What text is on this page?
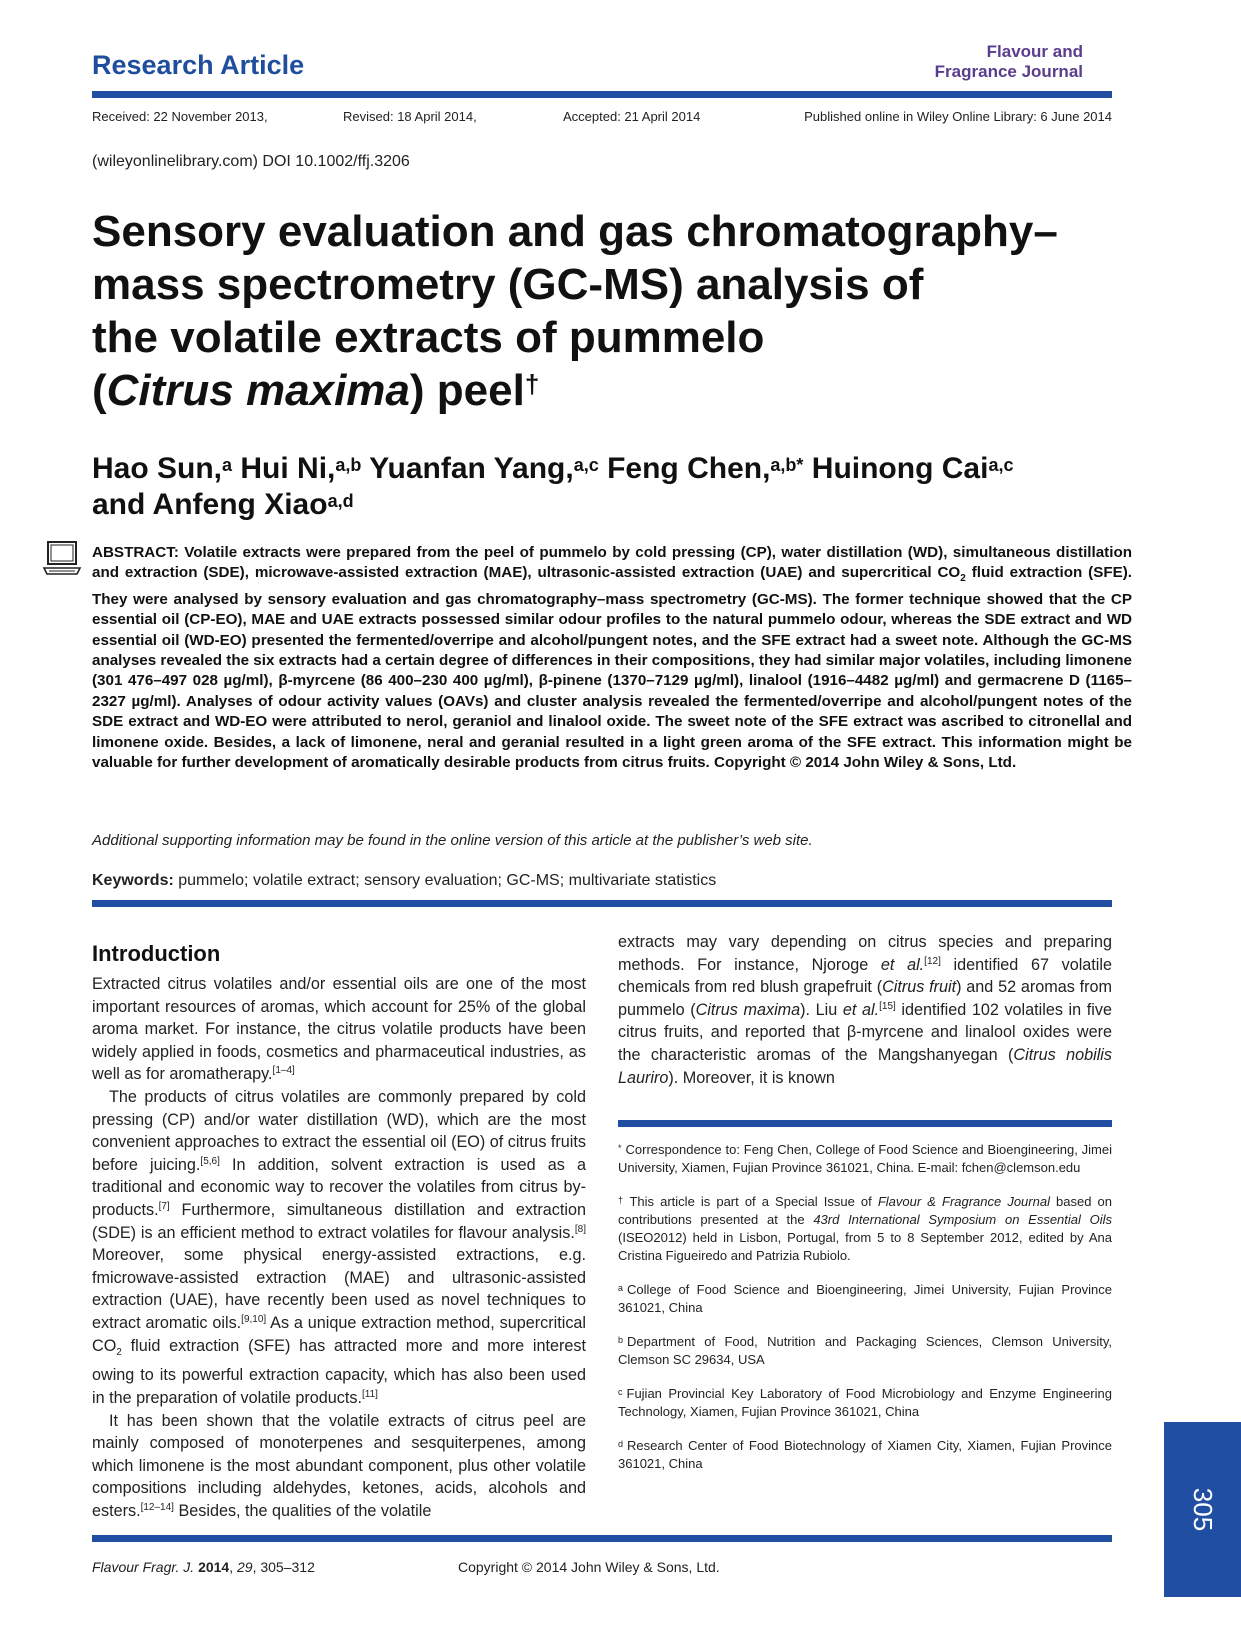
Research Article	Flavour and
Fragrance Journal
Received: 22 November 2013,	Revised: 18 April 2014,	Accepted: 21 April 2014	Published online in Wiley Online Library: 6 June 2014
(wileyonlinelibrary.com) DOI 10.1002/ffj.3206
Sensory evaluation and gas chromatography–
mass spectrometry (GC-MS) analysis of
the volatile extracts of pummelo
(Citrus maxima) peel†
Hao Sun,$^a$ Hui Ni,$^{a,b}$ Yuanfan Yang,$^{a,c}$ Feng Chen,$^{a,b*}$ Huinong Cai$^{a,c}$
and Anfeng Xiao$^{a,d}$
ABSTRACT: Volatile extracts were prepared from the peel of pummelo by cold pressing (CP), water distillation (WD), simultaneous distillation and extraction (SDE), microwave-assisted extraction (MAE), ultrasonic-assisted extraction (UAE) and supercritical $CO_2$ fluid extraction (SFE). They were analysed by sensory evaluation and gas chromatography–mass spectrometry (GC-MS). The former technique showed that the CP essential oil (CP-EO), MAE and UAE extracts possessed similar odour profiles to the natural pummelo odour, whereas the SDE extract and WD essential oil (WD-EO) presented the fermented/overripe and alcohol/pungent notes, and the SFE extract had a sweet note. Although the GC-MS analyses revealed the six extracts had a certain degree of differences in their compositions, they had similar major volatiles, including limonene (301 476–497 028 µg/ml), β-myrcene (86 400–230 400 µg/ml), β-pinene (1370–7129 µg/ml), linalool (1916–4482 µg/ml) and germacrene D (1165–2327 µg/ml). Analyses of odour activity values (OAVs) and cluster analysis revealed the fermented/overripe and alcohol/pungent notes of the SDE extract and WD-EO were attributed to nerol, geraniol and linalool oxide. The sweet note of the SFE extract was ascribed to citronellal and limonene oxide. Besides, a lack of limonene, neral and geranial resulted in a light green aroma of the SFE extract. This information might be valuable for further development of aromatically desirable products from citrus fruits. Copyright © 2014 John Wiley & Sons, Ltd.
Additional supporting information may be found in the online version of this article at the publisher’s web site.
Keywords: pummelo; volatile extract; sensory evaluation; GC-MS; multivariate statistics
Introduction

Extracted citrus volatiles and/or essential oils are one of the most important resources of aromas, which account for 25% of the global aroma market. For instance, the citrus volatile products have been widely applied in foods, cosmetics and pharmaceutical industries, as well as for aromatherapy.[1–4]

The products of citrus volatiles are commonly prepared by cold pressing (CP) and/or water distillation (WD), which are the most convenient approaches to extract the essential oil (EO) of citrus fruits before juicing.[5,6] In addition, solvent extraction is used as a traditional and economic way to recover the volatiles from citrus by-products.[7] Furthermore, simultaneous distillation and extraction (SDE) is an efficient method to extract volatiles for flavour analysis.[8] Moreover, some physical energy-assisted extractions, e.g. fmicrowave-assisted extraction (MAE) and ultrasonic-assisted extraction (UAE), have recently been used as novel techniques to extract aromatic oils.[9,10] As a unique extraction method, supercritical $CO_2$ fluid extraction (SFE) has attracted more and more interest owing to its powerful extraction capacity, which has also been used in the preparation of volatile products.[11]

It has been shown that the volatile extracts of citrus peel are mainly composed of monoterpenes and sesquiterpenes, among which limonene is the most abundant component, plus other volatile compositions including aldehydes, ketones, acids, alcohols and esters.[12–14] Besides, the qualities of the volatile

extracts may vary depending on citrus species and preparing methods. For instance, Njoroge et al.[12] identified 67 volatile chemicals from red blush grapefruit (Citrus fruit) and 52 aromas from pummelo (Citrus maxima). Liu et al.[15] identified 102 volatiles in five citrus fruits, and reported that β-myrcene and linalool oxides were the characteristic aromas of the Mangshanyegan (Citrus nobilis Lauriro). Moreover, it is known

* Correspondence to: Feng Chen, College of Food Science and Bioengineering, Jimei University, Xiamen, Fujian Province 361021, China. E-mail: fchen@clemson.edu
† This article is part of a Special Issue of Flavour & Fragrance Journal based on contributions presented at the 43rd International Symposium on Essential Oils (ISEO2012) held in Lisbon, Portugal, from 5 to 8 September 2012, edited by Ana Cristina Figueiredo and Patrizia Rubiolo.
$^a$ College of Food Science and Bioengineering, Jimei University, Fujian Province 361021, China
$^b$ Department of Food, Nutrition and Packaging Sciences, Clemson University, Clemson SC 29634, USA
$^c$ Fujian Provincial Key Laboratory of Food Microbiology and Enzyme Engineering Technology, Xiamen, Fujian Province 361021, China
$^d$ Research Center of Food Biotechnology of Xiamen City, Xiamen, Fujian Province 361021, China
Flavour Fragr. J. 2014, 29, 305–312	Copyright © 2014 John Wiley & Sons, Ltd.
305
